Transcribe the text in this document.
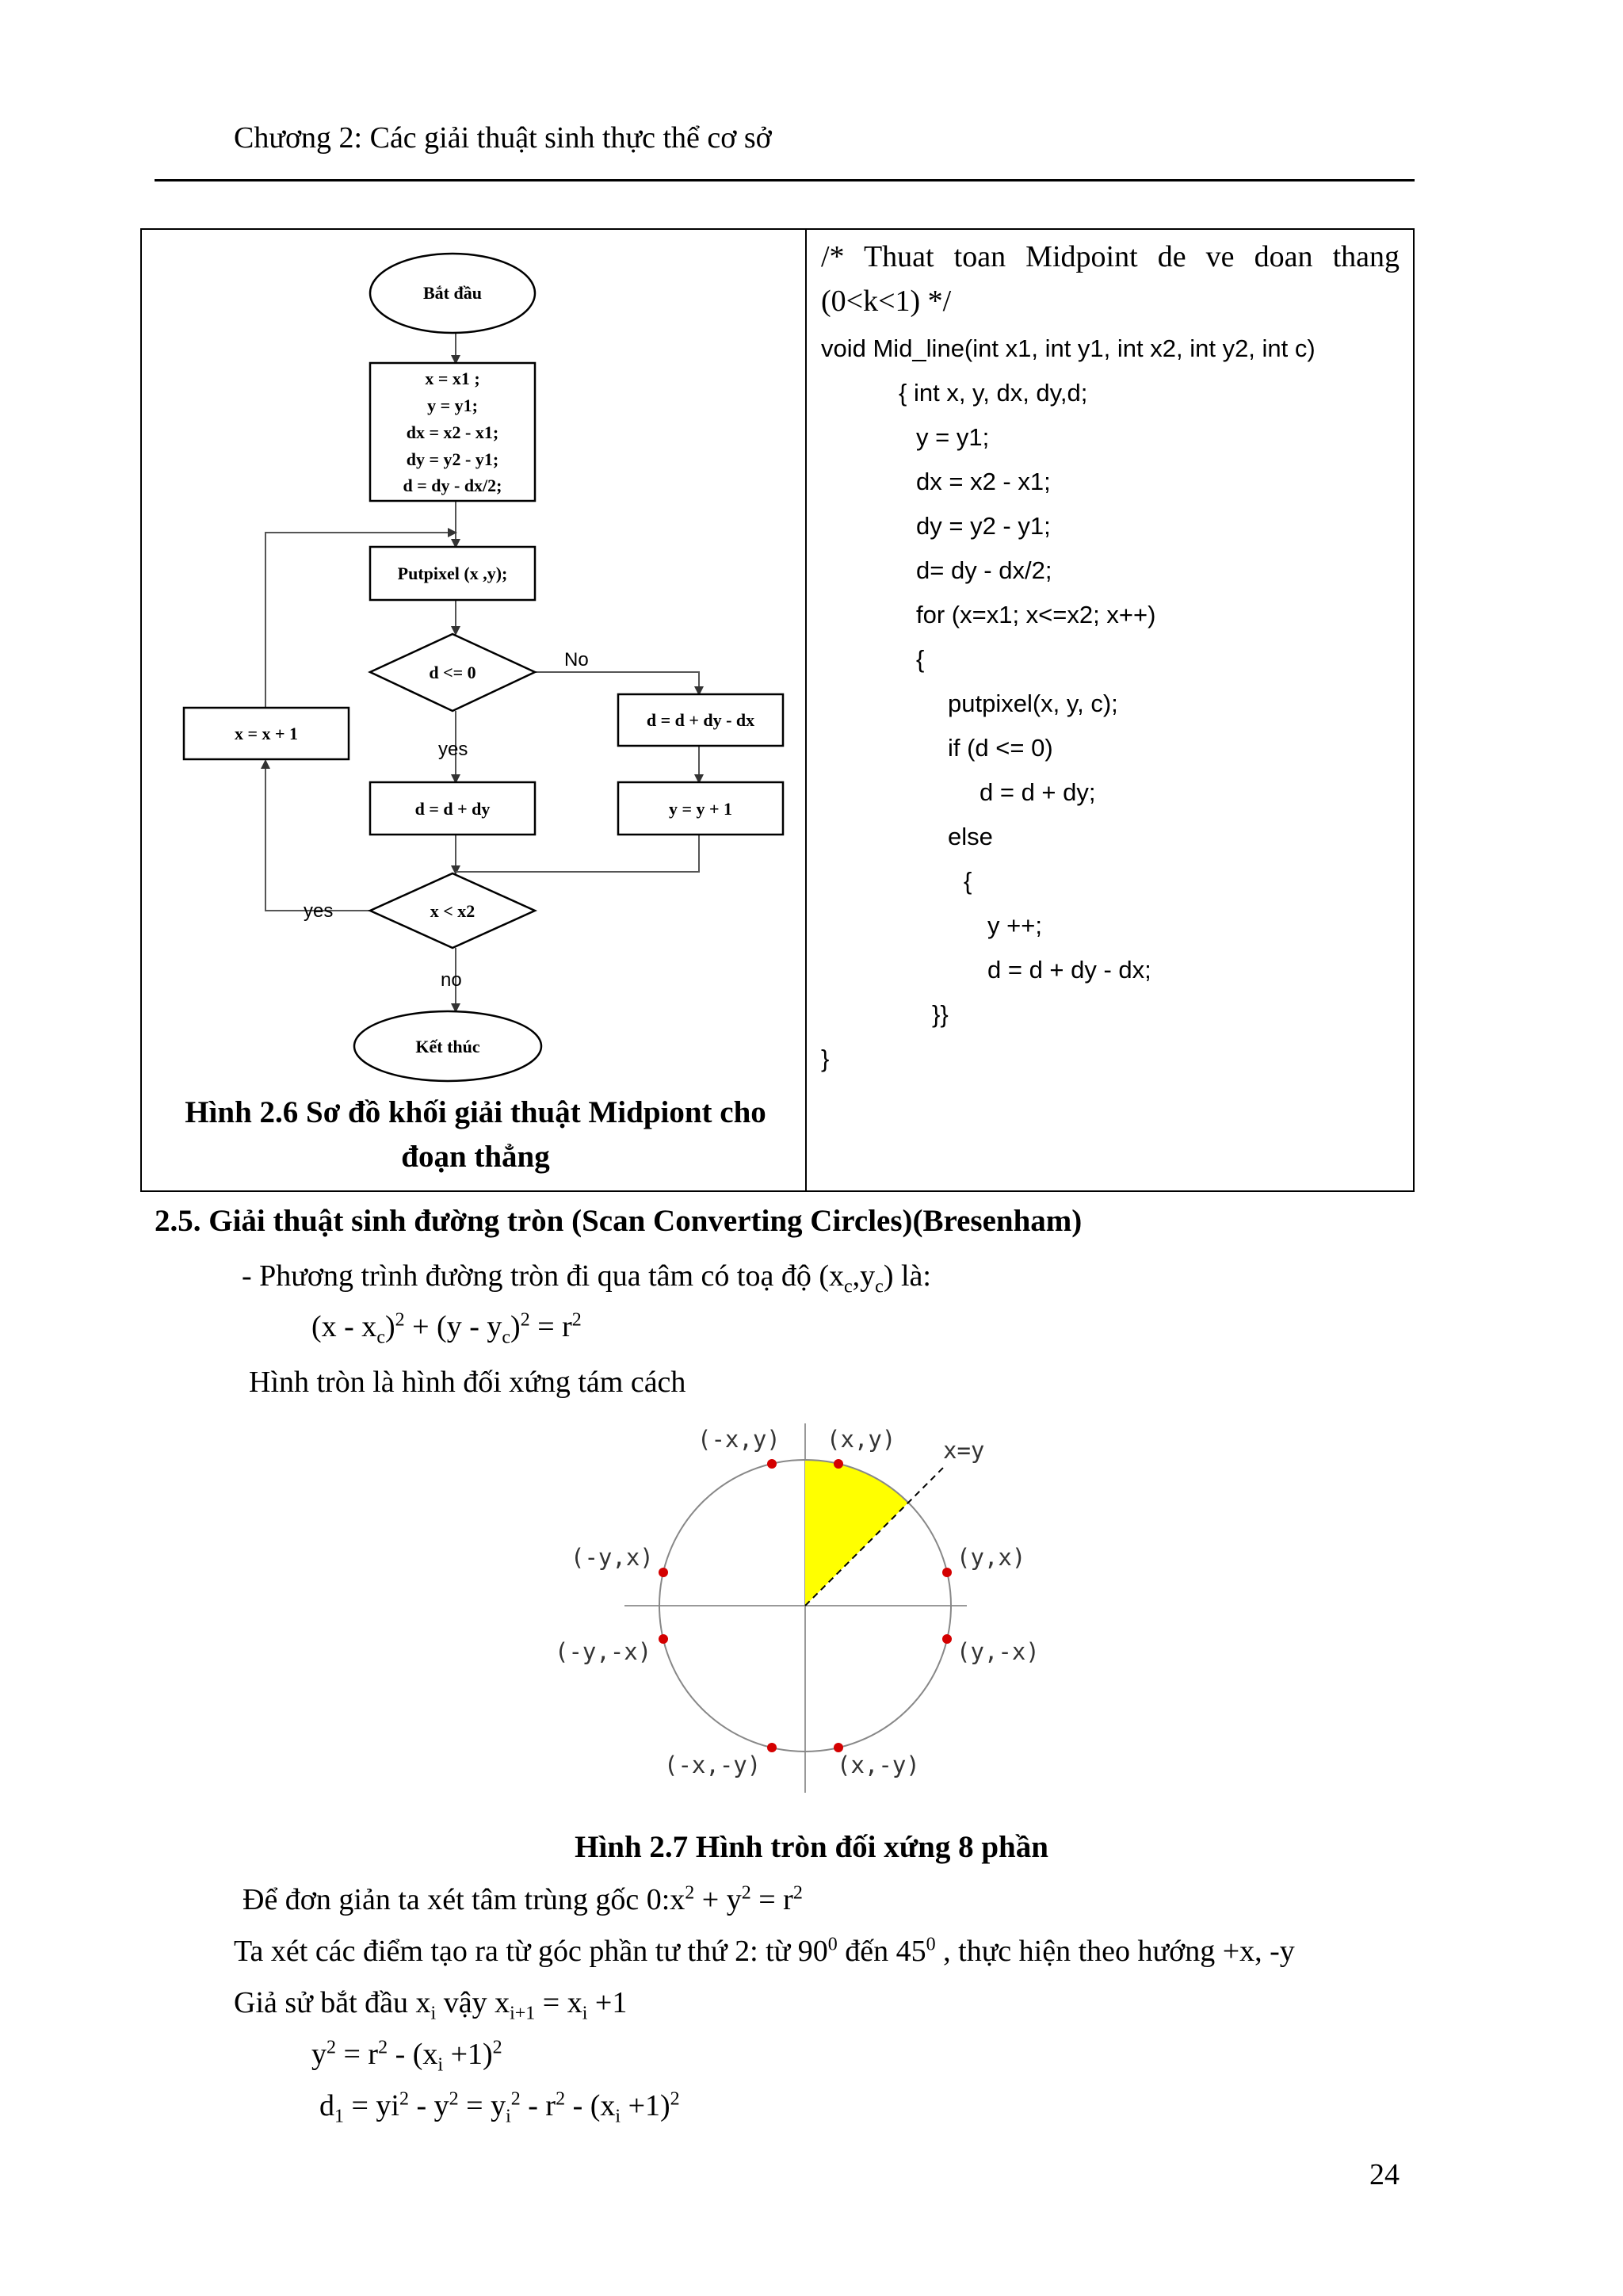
Chương 2: Các giải thuật sinh thực thể cơ sở
Bắt đầu
x = x1 ;
y = y1;
dx = x2 - x1;
dy = y2 - y1;
d = dy - dx/2;
Putpixel (x ,y);
d <= 0
No
yes
d = d + dy - dx
x = x + 1
d = d + dy	y = y + 1
x < x2
yes
no
Kết thúc
Hình 2.6 Sơ đồ khối giải thuật Midpiont cho
đoạn thẳng
/* Thuat toan Midpoint de ve doan thang
(0<k<1) */
void Mid_line(int x1, int y1, int x2, int y2, int c)
{ int x, y, dx, dy,d;
y = y1;
dx = x2 - x1;
dy = y2 - y1;
d= dy - dx/2;
for (x=x1; x<=x2; x++)
{
putpixel(x, y, c);
if (d <= 0)
d = d + dy;
else
{
y ++;
d = d + dy - dx;
}}
}
2.5. Giải thuật sinh đường tròn (Scan Converting Circles)(Bresenham)
- Phương trình đường tròn đi qua tâm có toạ độ $(x_c,y_c)$ là:
$(x - x_c)^2 + (y - y_c)^2 = r^2$
Hình tròn là hình đối xứng tám cách
(-x,y) (x,y) x=y
(-y,x)	(y,x)
(-y,-x)	(y,-x)
(-x,-y)	(x,-y)
Hình 2.7 Hình tròn đối xứng 8 phần
Để đơn giản ta xét tâm trùng gốc $0:x^2 + y^2 = r^2$
Ta xét các điểm tạo ra từ góc phần tư thứ 2: từ $90^0$ đến $45^0$ , thực hiện theo hướng +x, -y
Giả sử bắt đầu $x_i$ vậy $x_{i+1} = x_i +1$
$y^2 = r^2 - (x_i +1)^2$
$d_1 = yi^2 - y^2 = y_i^2 - r^2 - (x_i +1)^2$
24
